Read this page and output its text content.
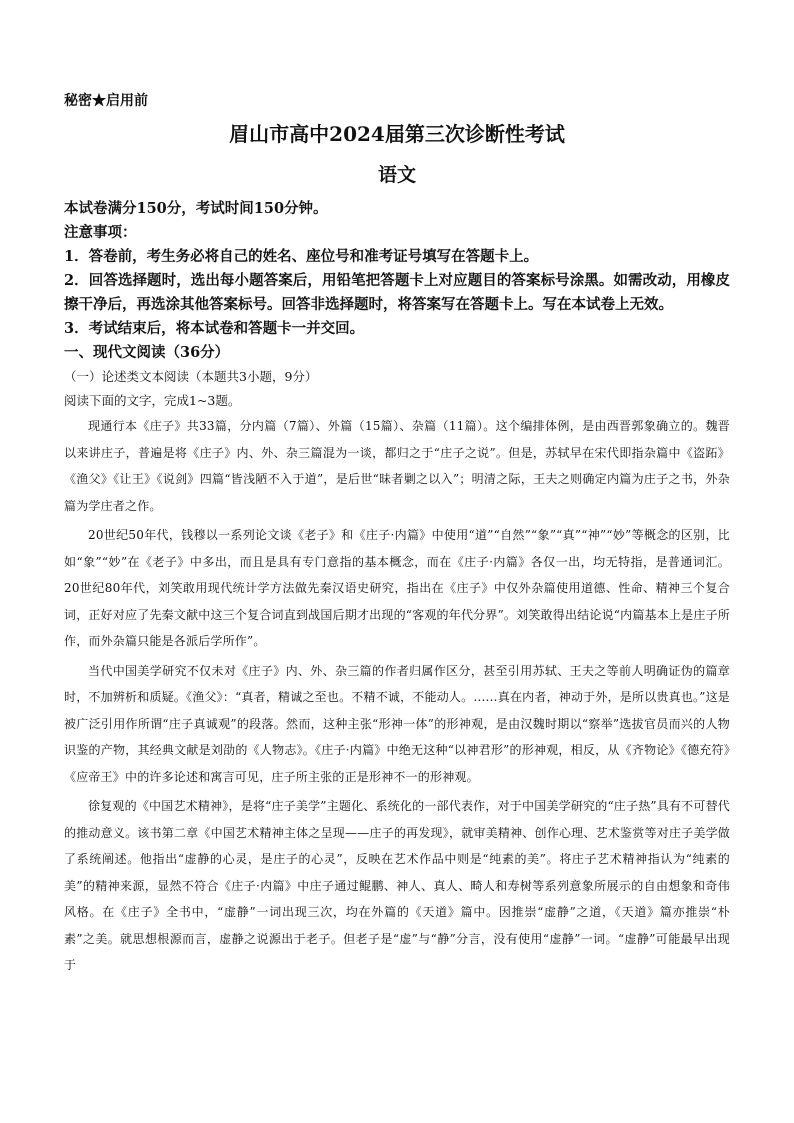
秘密★启用前
眉山市高中2024届第三次诊断性考试
语文

本试卷满分150分，考试时间150分钟。

注意事项：

1．答卷前，考生务必将自己的姓名、座位号和准考证号填写在答题卡上。

2．回答选择题时，选出每小题答案后，用铅笔把答题卡上对应题目的答案标号涂黑。如需改动，用橡皮擦干净后，再选涂其他答案标号。回答非选择题时，将答案写在答题卡上。写在本试卷上无效。

3．考试结束后，将本试卷和答题卡一并交回。

一、现代文阅读（36分）

（一）论述类文本阅读（本题共3小题，9分）

阅读下面的文字，完成1~3题。

现通行本《庄子》共33篇，分内篇（7篇）、外篇（15篇）、杂篇（11篇）。这个编排体例，是由西晋郭象确立的。魏晋以来讲庄子，普遍是将《庄子》内、外、杂三篇混为一谈，都归之于“庄子之说”。但是，苏轼早在宋代即指杂篇中《盗跖》《渔父》《让王》《说剑》四篇“皆浅陋不入于道”，是后世“昧者剿之以入”；明清之际，王夫之则确定内篇为庄子之书，外杂篇为学庄者之作。

20世纪50年代，钱穆以一系列论文谈《老子》和《庄子·内篇》中使用“道”“自然”“象”“真”“神”“妙”等概念的区别，比如“象”“妙”在《老子》中多出，而且是具有专门意指的基本概念，而在《庄子·内篇》各仅一出，均无特指，是普通词汇。20世纪80年代，刘笑敢用现代统计学方法做先秦汉语史研究，指出在《庄子》中仅外杂篇使用道德、性命、精神三个复合词，正好对应了先秦文献中这三个复合词直到战国后期才出现的“客观的年代分界”。刘笑敢得出结论说“内篇基本上是庄子所作，而外杂篇只能是各派后学所作”。

当代中国美学研究不仅未对《庄子》内、外、杂三篇的作者归属作区分，甚至引用苏轼、王夫之等前人明确证伪的篇章时，不加辨析和质疑。《渔父》：“真者，精诚之至也。不精不诚，不能动人。……真在内者，神动于外，是所以贵真也。”这是被广泛引用作所谓“庄子真诚观”的段落。然而，这种主张“形神一体”的形神观，是由汉魏时期以“察举”选拔官员而兴的人物识鉴的产物，其经典文献是刘劭的《人物志》。《庄子·内篇》中绝无这种“以神君形”的形神观，相反，从《齐物论》《德充符》《应帝王》中的许多论述和寓言可见，庄子所主张的正是形神不一的形神观。

徐复观的《中国艺术精神》，是将“庄子美学”主题化、系统化的一部代表作，对于中国美学研究的“庄子热”具有不可替代的推动意义。该书第二章《中国艺术精神主体之呈现——庄子的再发现》，就审美精神、创作心理、艺术鉴赏等对庄子美学做了系统阐述。他指出“虚静的心灵，是庄子的心灵”，反映在艺术作品中则是“纯素的美”。将庄子艺术精神指认为“纯素的美”的精神来源，显然不符合《庄子·内篇》中庄子通过鲲鹏、神人、真人、畸人和寿树等系列意象所展示的自由想象和奇伟风格。在《庄子》全书中，“虚静”一词出现三次，均在外篇的《天道》篇中。因推崇“虚静”之道，《天道》篇亦推崇“朴素”之美。就思想根源而言，虚静之说源出于老子。但老子是“虚”与“静”分言，没有使用“虚静”一词。“虚静”可能最早出现于
